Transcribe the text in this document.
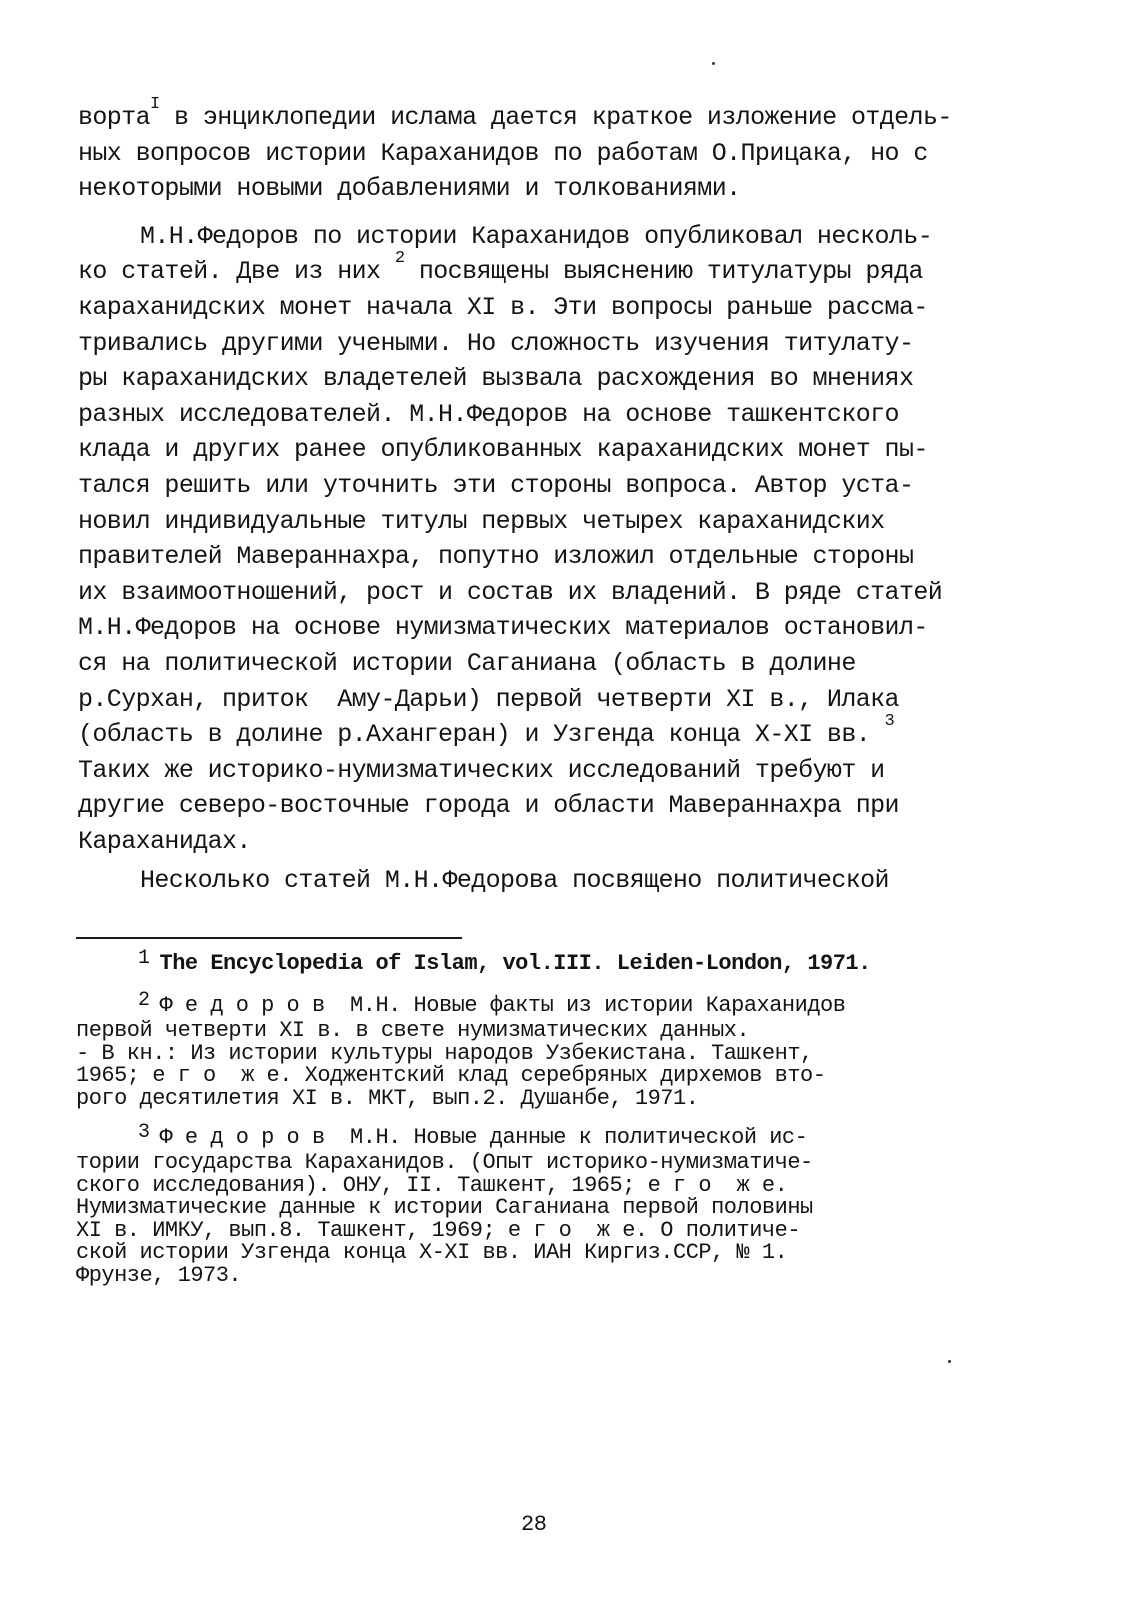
ворта$^I$ в энциклопедии ислама дается краткое изложение отдель-
ных вопросов истории Караханидов по работам О.Прицака, но с
некоторыми новыми добавлениями и толкованиями.
М.Н.Федоров по истории Караханидов опубликовал несколь-
ко статей. Две из них $^2$ посвящены выяснению титулатуры ряда
караханидских монет начала XI в. Эти вопросы раньше рассма-
тривались другими учеными. Но сложность изучения титулату-
ры караханидских владетелей вызвала расхождения во мнениях
разных исследователей. М.Н.Федоров на основе ташкентского
клада и других ранее опубликованных караханидских монет пы-
тался решить или уточнить эти стороны вопроса. Автор уста-
новил индивидуальные титулы первых четырех караханидских
правителей Мавераннахра, попутно изложил отдельные стороны
их взаимоотношений, рост и состав их владений. В ряде статей
М.Н.Федоров на основе нумизматических материалов остановил-
ся на политической истории Саганиана (область в долине
р.Сурхан, приток  Аму-Дарьи) первой четверти XI в., Илака
(область в долине р.Ахангеран) и Узгенда конца Х-XI вв. $^3$
Таких же историко-нумизматических исследований требуют и
другие северо-восточные города и области Мавераннахра при
Караханидах.
Несколько статей М.Н.Федорова посвящено политической
1 The Encyclopedia of Islam, vol.III. Leiden-London, 1971.
2 Ф е д о р о в  М.Н. Новые факты из истории Караханидов
первой четверти XI в. в свете нумизматических данных.
- В кн.: Из истории культуры народов Узбекистана. Ташкент,
1965; е г о  ж е. Ходжентский клад серебряных дирхемов вто-
рого десятилетия XI в. МКТ, вып.2. Душанбе, 1971.
3 Ф е д о р о в  М.Н. Новые данные к политической ис-
тории государства Караханидов. (Опыт историко-нумизматиче-
ского исследования). ОНУ, II. Ташкент, 1965; е г о  ж е.
Нумизматические данные к истории Саганиана первой половины
XI в. ИМКУ, вып.8. Ташкент, 1969; е г о  ж е. О политиче-
ской истории Узгенда конца Х-XI вв. ИАН Киргиз.ССР, № 1.
Фрунзе, 1973.
28
